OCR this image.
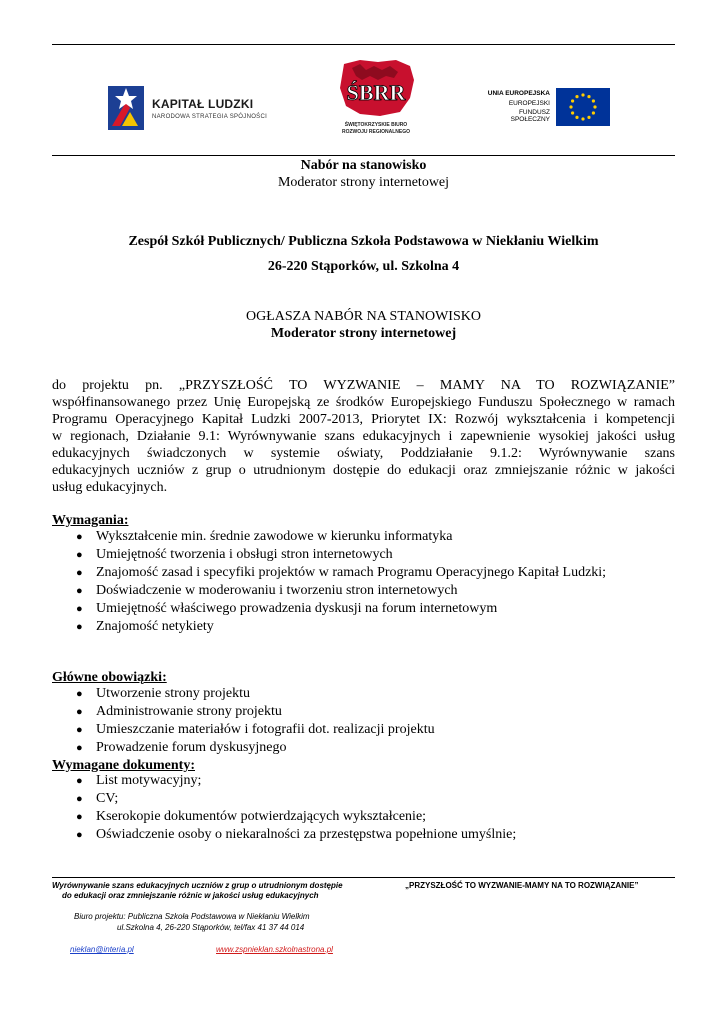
KAPITAŁ LUDZKI
NARODOWA STRATEGIA SPÓJNOŚCI
ŚBRR
ŚWIĘTOKRZYSKIE BIURO
ROZWOJU REGIONALNEGO
UNIA EUROPEJSKA
EUROPEJSKI
FUNDUSZ SPOŁECZNY
Nabór na stanowisko
Moderator strony internetowej
Zespół Szkół Publicznych/ Publiczna Szkoła Podstawowa w Niekłaniu Wielkim
26-220 Stąporków, ul. Szkolna 4
OGŁASZA NABÓR NA STANOWISKO
Moderator strony internetowej
do projektu pn. „PRZYSZŁOŚĆ TO WYZWANIE – MAMY NA TO ROZWIĄZANIE”
współfinansowanego przez Unię Europejską ze środków Europejskiego Funduszu Społecznego w ramach
Programu Operacyjnego Kapitał Ludzki 2007-2013, Priorytet IX: Rozwój wykształcenia i kompetencji
w regionach, Działanie 9.1: Wyrównywanie szans edukacyjnych i zapewnienie wysokiej jakości usług
edukacyjnych świadczonych w systemie oświaty, Poddziałanie 9.1.2: Wyrównywanie szans
edukacyjnych uczniów z grup o utrudnionym dostępie do edukacji oraz zmniejszanie różnic w jakości
usług edukacyjnych.
Wymagania:
● Wykształcenie min. średnie zawodowe w kierunku informatyka
● Umiejętność tworzenia i obsługi stron internetowych
● Znajomość zasad i specyfiki projektów w ramach Programu Operacyjnego Kapitał Ludzki;
● Doświadczenie w moderowaniu i tworzeniu stron internetowych
● Umiejętność właściwego prowadzenia dyskusji na forum internetowym
● Znajomość netykiety
Główne obowiązki:
● Utworzenie strony projektu
● Administrowanie strony projektu
● Umieszczanie materiałów i fotografii dot. realizacji projektu
● Prowadzenie forum dyskusyjnego
Wymagane dokumenty:
● List motywacyjny;
● CV;
● Kserokopie dokumentów potwierdzających wykształcenie;
● Oświadczenie osoby o niekaralności za przestępstwa popełnione umyślnie;
Wyrównywanie szans edukacyjnych uczniów z grup o utrudnionym dostępie
do edukacji oraz zmniejszanie różnic w jakości usług edukacyjnych
„PRZYSZŁOŚĆ TO WYZWANIE-MAMY NA TO ROZWIĄZANIE”
Biuro projektu: Publiczna Szkoła Podstawowa w Niekłaniu Wielkim
ul.Szkolna 4, 26-220 Stąporków, tel/fax 41 37 44 014
nieklan@interia.pl	www.zspnieklan.szkolnastrona.pl
